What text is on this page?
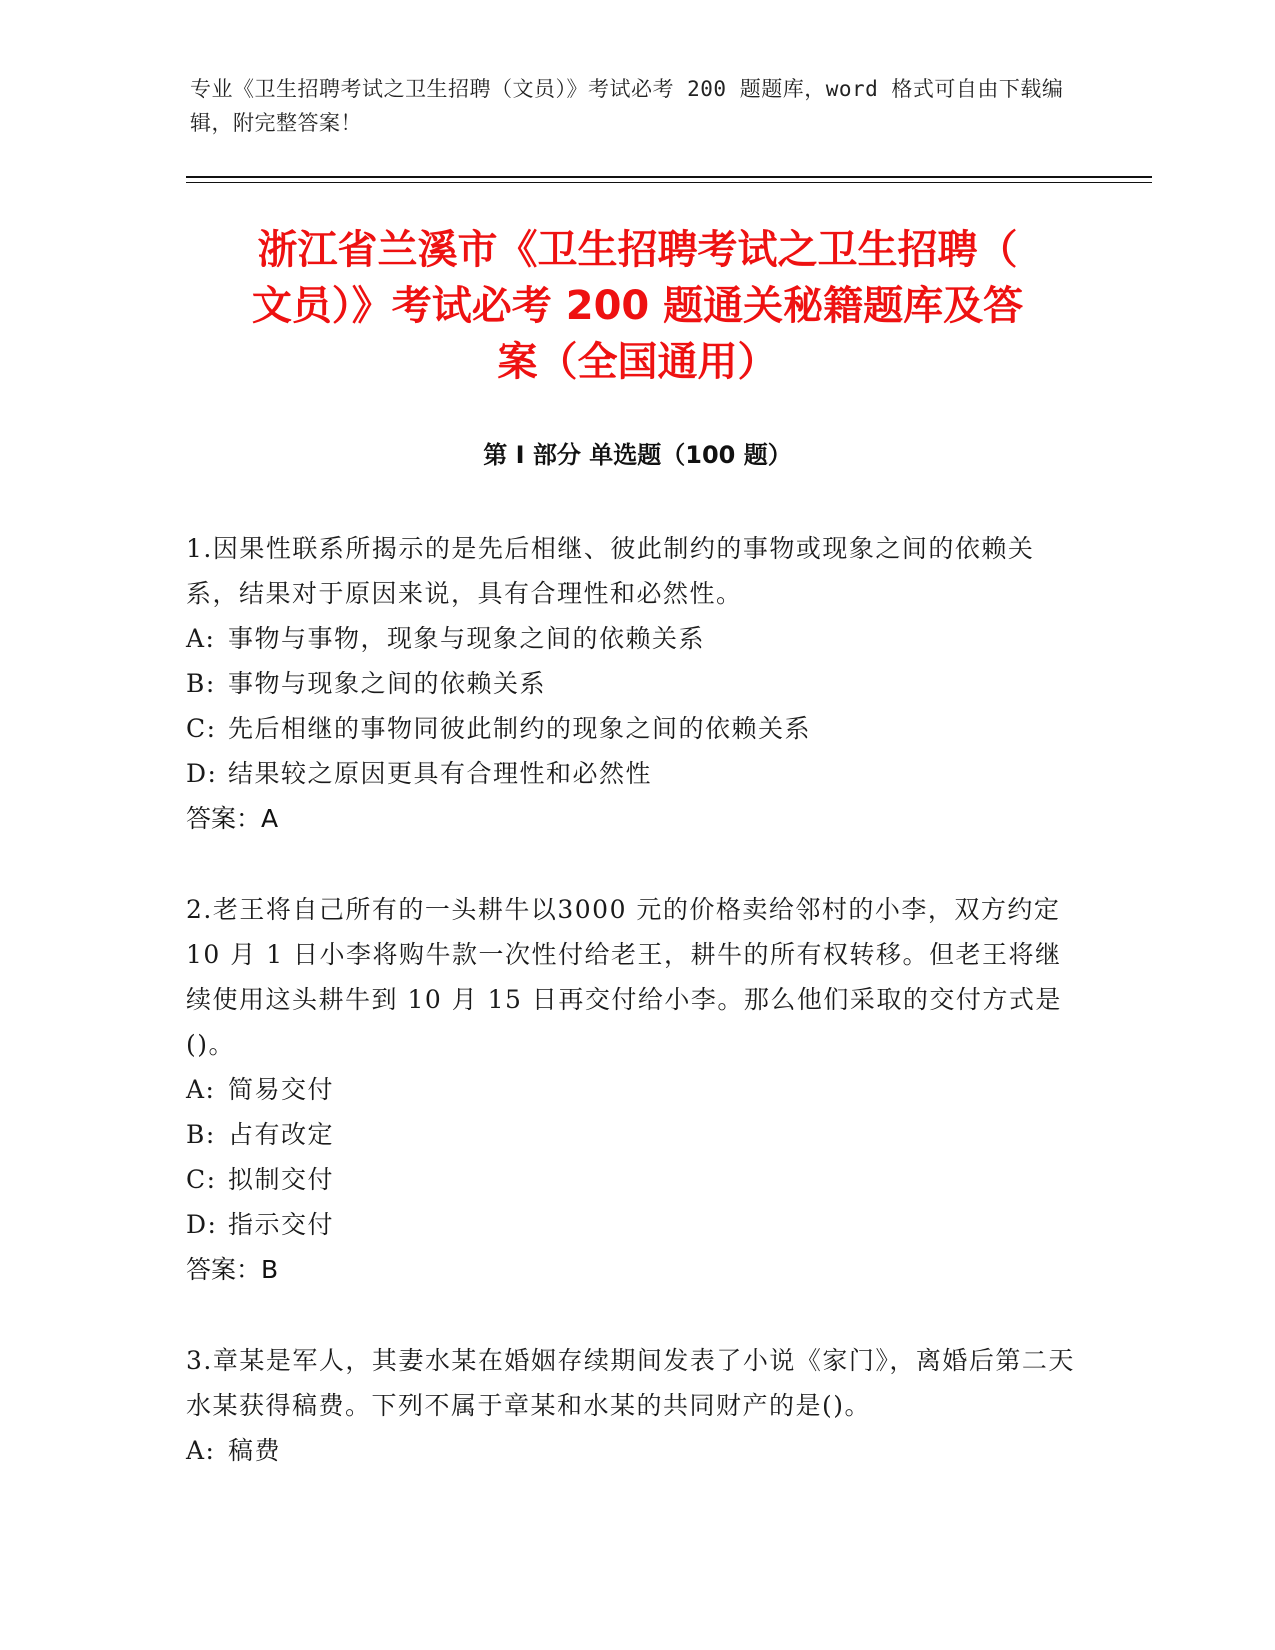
专业《卫生招聘考试之卫生招聘（文员）》考试必考 200 题题库，word 格式可自由下载编辑，附完整答案！
浙江省兰溪市《卫生招聘考试之卫生招聘（
文员）》考试必考 200 题通关秘籍题库及答
案（全国通用）
第 I 部分 单选题（100 题）
1.因果性联系所揭示的是先后相继、彼此制约的事物或现象之间的依赖关系，结果对于原因来说，具有合理性和必然性。
A: 事物与事物，现象与现象之间的依赖关系
B: 事物与现象之间的依赖关系
C: 先后相继的事物同彼此制约的现象之间的依赖关系
D: 结果较之原因更具有合理性和必然性
答案：A
2.老王将自己所有的一头耕牛以3000 元的价格卖给邻村的小李，双方约定 10 月 1 日小李将购牛款一次性付给老王，耕牛的所有权转移。但老王将继续使用这头耕牛到 10 月 15 日再交付给小李。那么他们采取的交付方式是()。
A: 简易交付
B: 占有改定
C: 拟制交付
D: 指示交付
答案：B
3.章某是军人，其妻水某在婚姻存续期间发表了小说《家门》，离婚后第二天水某获得稿费。下列不属于章某和水某的共同财产的是()。
A: 稿费
